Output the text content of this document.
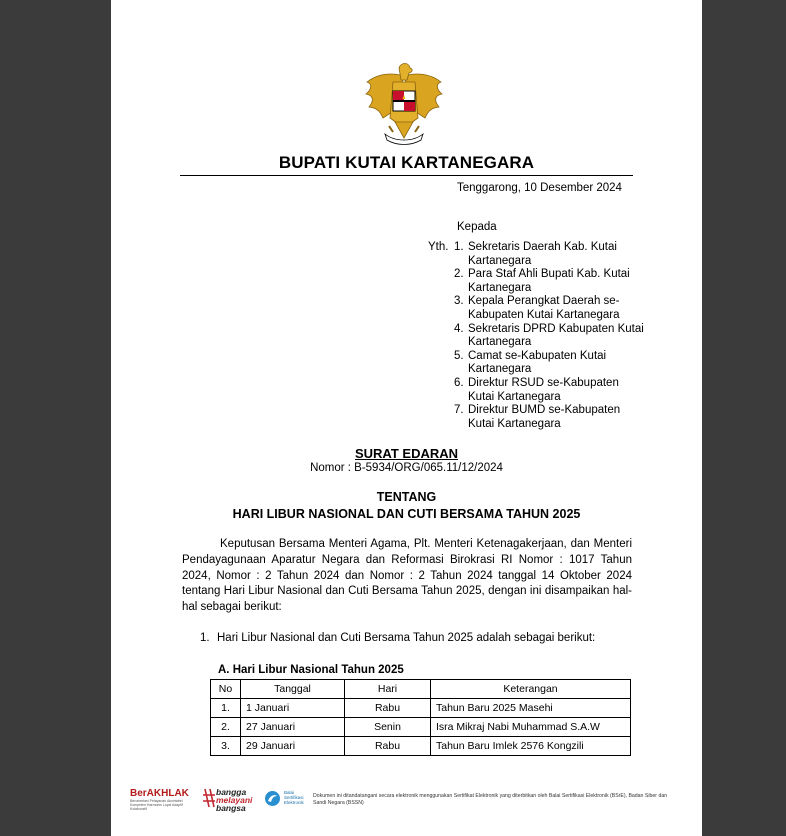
BUPATI KUTAI KARTANEGARA
Tenggarong, 10 Desember 2024
Kepada
Yth. 1. Sekretaris Daerah Kab. Kutai Kartanegara
2. Para Staf Ahli Bupati Kab. Kutai Kartanegara
3. Kepala Perangkat Daerah se-Kabupaten Kutai Kartanegara
4. Sekretaris DPRD Kabupaten Kutai Kartanegara
5. Camat se-Kabupaten Kutai Kartanegara
6. Direktur RSUD se-Kabupaten Kutai Kartanegara
7. Direktur BUMD se-Kabupaten Kutai Kartanegara
SURAT EDARAN
Nomor : B-5934/ORG/065.11/12/2024
TENTANG
HARI LIBUR NASIONAL DAN CUTI BERSAMA TAHUN 2025

Keputusan Bersama Menteri Agama, Plt. Menteri Ketenagakerjaan, dan Menteri Pendayagunaan Aparatur Negara dan Reformasi Birokrasi RI Nomor : 1017 Tahun 2024, Nomor : 2 Tahun 2024 dan Nomor : 2 Tahun 2024 tanggal 14 Oktober 2024 tentang Hari Libur Nasional dan Cuti Bersama Tahun 2025, dengan ini disampaikan hal-hal sebagai berikut:

1. Hari Libur Nasional dan Cuti Bersama Tahun 2025 adalah sebagai berikut:
A. Hari Libur Nasional Tahun 2025
No	Tanggal	Hari	Keterangan
1.	1 Januari	Rabu	Tahun Baru 2025 Masehi
2.	27 Januari	Senin	Isra Mikraj Nabi Muhammad S.A.W
3.	29 Januari	Rabu	Tahun Baru Imlek 2576 Kongzili
BerAKHLAK
Berorientasi Pelayanan Akuntabel Kompeten Harmonis Loyal Adaptif Kolaboratif
bangga
melayani
bangsa
Balai Sertifikasi Elektronik
Dokumen ini ditandatangani secara elektronik menggunakan Sertifikat Elektronik yang diterbitkan oleh Balai Sertifikasi Elektronik (BSrE), Badan Siber dan Sandi Negara (BSSN)
